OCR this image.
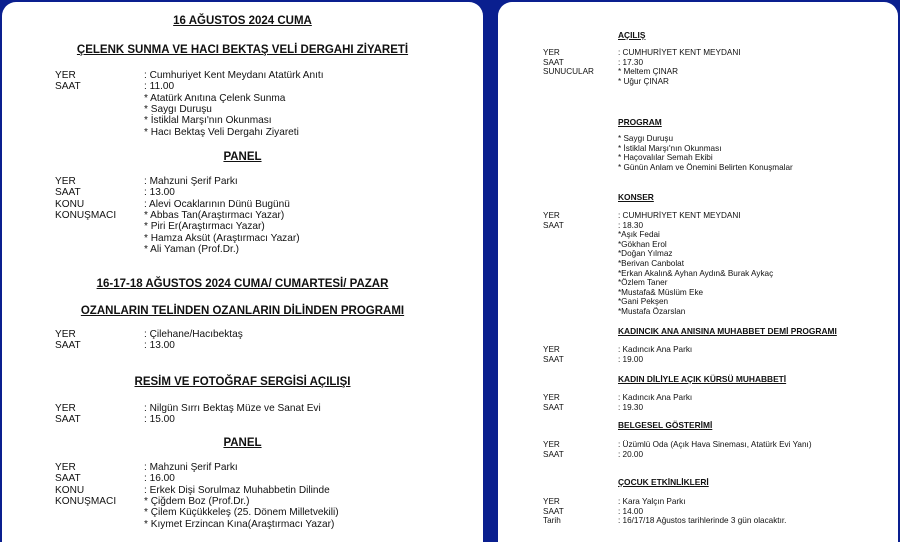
16 AĞUSTOS 2024 CUMA
ÇELENK SUNMA VE HACI BEKTAŞ VELİ DERGAHI ZİYARETİ
YER	: Cumhuriyet Kent Meydanı Atatürk Anıtı
SAAT	: 11.00
* Atatürk Anıtına Çelenk Sunma
* Saygı Duruşu
* İstiklal Marşı'nın Okunması
* Hacı Bektaş Veli Dergahı Ziyareti
PANEL
YER	: Mahzuni Şerif Parkı
SAAT	: 13.00
KONU	: Alevi Ocaklarının Dünü Bugünü
KONUŞMACI	* Abbas Tan(Araştırmacı Yazar)
* Piri Er(Araştırmacı Yazar)
* Hamza Aksüt (Araştırmacı Yazar)
* Ali Yaman (Prof.Dr.)
16-17-18 AĞUSTOS 2024 CUMA/ CUMARTESİ/ PAZAR
OZANLARIN TELİNDEN OZANLARIN DİLİNDEN PROGRAMI
YER	: Çilehane/Hacıbektaş
SAAT	: 13.00
RESİM VE FOTOĞRAF SERGİSİ AÇILIŞI
YER	: Nilgün Sırrı Bektaş Müze ve Sanat Evi
SAAT	: 15.00
PANEL
YER	: Mahzuni Şerif Parkı
SAAT	: 16.00
KONU	: Erkek Dişi Sorulmaz Muhabbetin Dilinde
KONUŞMACI	* Çiğdem Boz (Prof.Dr.)
* Çilem Küçükkeleş (25. Dönem Milletvekili)
* Kıymet Erzincan Kına(Araştırmacı Yazar)
AÇILIŞ
YER	: CUMHURİYET KENT MEYDANI
SAAT	: 17.30
SUNUCULAR	* Meltem ÇINAR
* Uğur ÇINAR
PROGRAM
* Saygı Duruşu
* İstiklal Marşı'nın Okunması
* Haçovalılar Semah Ekibi
* Günün Anlam ve Önemini Belirten Konuşmalar
KONSER
YER	: CUMHURİYET KENT MEYDANI
SAAT	: 18.30
*Aşık Fedai
*Gökhan Erol
*Doğan Yılmaz
*Berivan Canbolat
*Erkan Akalın& Ayhan Aydın& Burak Aykaç
*Özlem Taner
*Mustafa& Müslüm Eke
*Gani Pekşen
*Mustafa Özarslan
KADINCIK ANA ANISINA MUHABBET DEMİ PROGRAMI
YER	: Kadıncık Ana Parkı
SAAT	: 19.00
KADIN DİLİYLE AÇIK KÜRSÜ MUHABBETİ
YER	: Kadıncık Ana Parkı
SAAT	: 19.30
BELGESEL GÖSTERİMİ
YER	: Üzümlü Oda (Açık Hava Sineması, Atatürk Evi Yanı)
SAAT	: 20.00
ÇOCUK ETKİNLİKLERİ
YER	: Kara Yalçın Parkı
SAAT	: 14.00
Tarih	: 16/17/18 Ağustos tarihlerinde 3 gün olacaktır.
